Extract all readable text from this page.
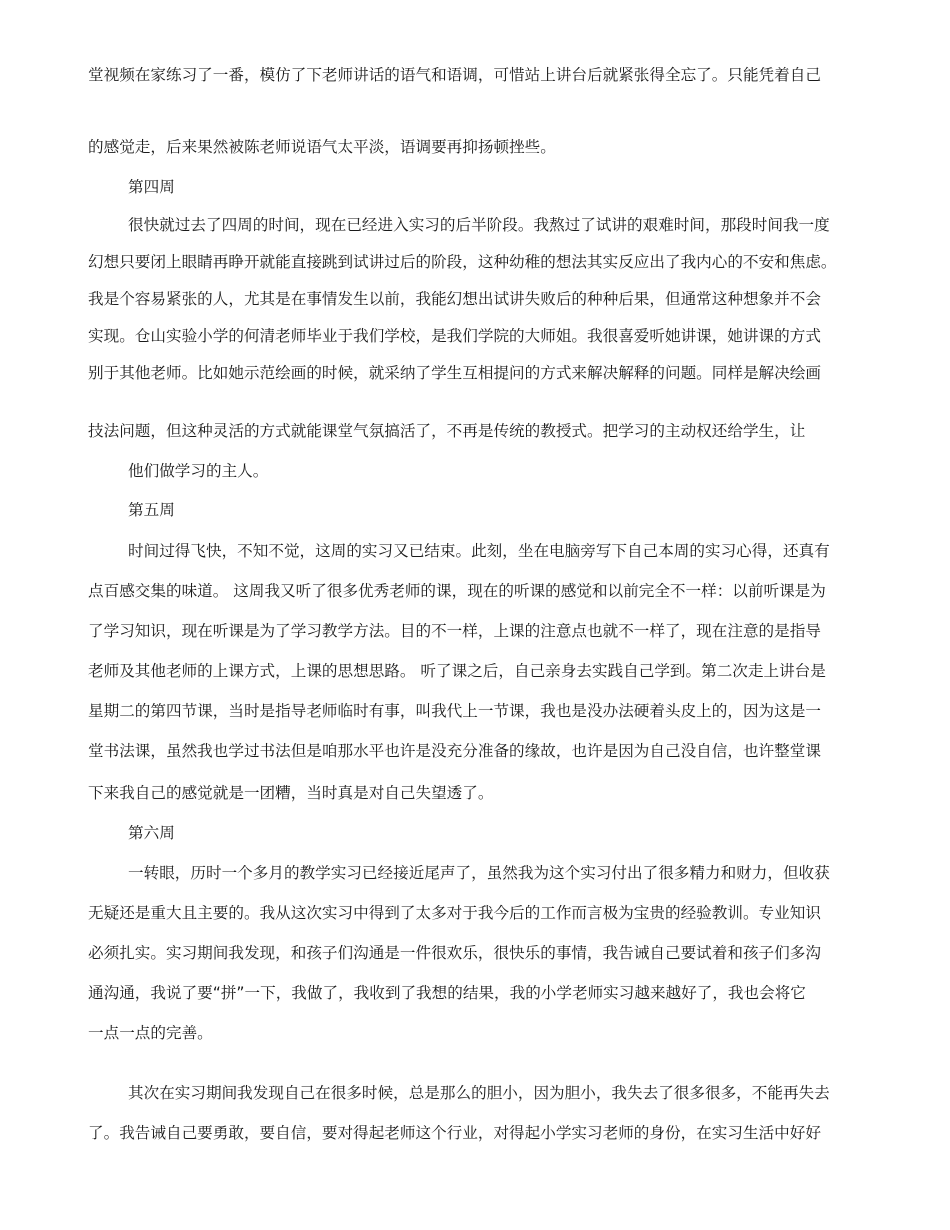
堂视频在家练习了一番，模仿了下老师讲话的语气和语调，可惜站上讲台后就紧张得全忘了。只能凭着自己
的感觉走，后来果然被陈老师说语气太平淡，语调要再抑扬顿挫些。
第四周
很快就过去了四周的时间，现在已经进入实习的后半阶段。我熬过了试讲的艰难时间，那段时间我一度
幻想只要闭上眼睛再睁开就能直接跳到试讲过后的阶段，这种幼稚的想法其实反应出了我内心的不安和焦虑。
我是个容易紧张的人，尤其是在事情发生以前，我能幻想出试讲失败后的种种后果，但通常这种想象并不会
实现。仓山实验小学的何清老师毕业于我们学校，是我们学院的大师姐。我很喜爱听她讲课，她讲课的方式
别于其他老师。比如她示范绘画的时候，就采纳了学生互相提问的方式来解决解释的问题。同样是解决绘画
技法问题，但这种灵活的方式就能课堂气氛搞活了，不再是传统的教授式。把学习的主动权还给学生，让
他们做学习的主人。
第五周
时间过得飞快，不知不觉，这周的实习又已结束。此刻，坐在电脑旁写下自己本周的实习心得，还真有
点百感交集的味道。 这周我又听了很多优秀老师的课，现在的听课的感觉和以前完全不一样：以前听课是为
了学习知识，现在听课是为了学习教学方法。目的不一样，上课的注意点也就不一样了，现在注意的是指导
老师及其他老师的上课方式，上课的思想思路。 听了课之后，自己亲身去实践自己学到。第二次走上讲台是
星期二的第四节课，当时是指导老师临时有事，叫我代上一节课，我也是没办法硬着头皮上的，因为这是一
堂书法课，虽然我也学过书法但是咱那水平也许是没充分准备的缘故，也许是因为自己没自信，也许整堂课
下来我自己的感觉就是一团糟，当时真是对自己失望透了。
第六周
一转眼，历时一个多月的教学实习已经接近尾声了，虽然我为这个实习付出了很多精力和财力，但收获
无疑还是重大且主要的。我从这次实习中得到了太多对于我今后的工作而言极为宝贵的经验教训。专业知识
必须扎实。实习期间我发现，和孩子们沟通是一件很欢乐，很快乐的事情，我告诫自己要试着和孩子们多沟
通沟通，我说了要“拼”一下，我做了，我收到了我想的结果，我的小学老师实习越来越好了，我也会将它
一点一点的完善。
其次在实习期间我发现自己在很多时候，总是那么的胆小，因为胆小，我失去了很多很多，不能再失去
了。我告诫自己要勇敢，要自信，要对得起老师这个行业，对得起小学实习老师的身份，在实习生活中好好
